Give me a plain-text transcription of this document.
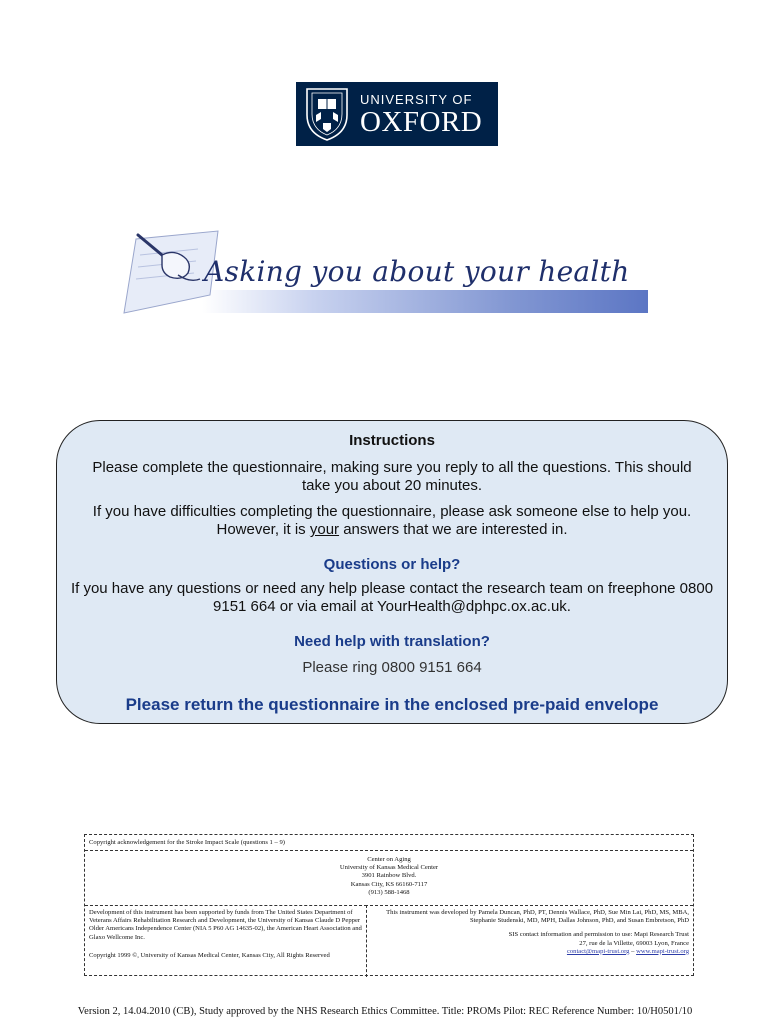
UNIVERSITY OF
OXFORD
Asking you about your health
stroke

Instructions

Please complete the questionnaire, making sure you reply to all the questions. This should take you about 20 minutes.

If you have difficulties completing the questionnaire, please ask someone else to help you. However, it is your answers that we are interested in.

Questions or help?

If you have any questions or need any help please contact the research team on freephone 0800 9151 664 or via email at YourHealth@dphpc.ox.ac.uk.

Need help with translation?

Please ring 0800 9151 664

Please return the questionnaire in the enclosed pre-paid envelope

Copyright acknowledgement for the Stroke Impact Scale (questions 1 – 9)
Center on Aging
University of Kansas Medical Center
3901 Rainbow Blvd.
Kansas City, KS 66160-7117
(913) 588-1468
Development of this instrument has been supported by funds from The United States Department of Veterans Affairs Rehabilitation Research and Development, the University of Kansas Claude D Pepper Older Americans Independence Center (NIA 5 P60 AG 14635-02), the American Heart Association and Glaxo Wellcome Inc.
Copyright 1999 ©, University of Kansas Medical Center, Kansas City, All Rights Reserved
This instrument was developed by Pamela Duncan, PhD, PT, Dennis Wallace, PhD, Sue Min Lai, PhD, MS, MBA, Stephanie Studenski, MD, MPH, Dallas Johnson, PhD, and Susan Embretson, PhD
SIS contact information and permission to use: Mapi Research Trust
27, rue de la Villette, 69003 Lyon, France
contact@mapi-trust.org – www.mapi-trust.org
Version 2, 14.04.2010 (CB), Study approved by the NHS Research Ethics Committee. Title: PROMs Pilot: REC Reference Number: 10/H0501/10
